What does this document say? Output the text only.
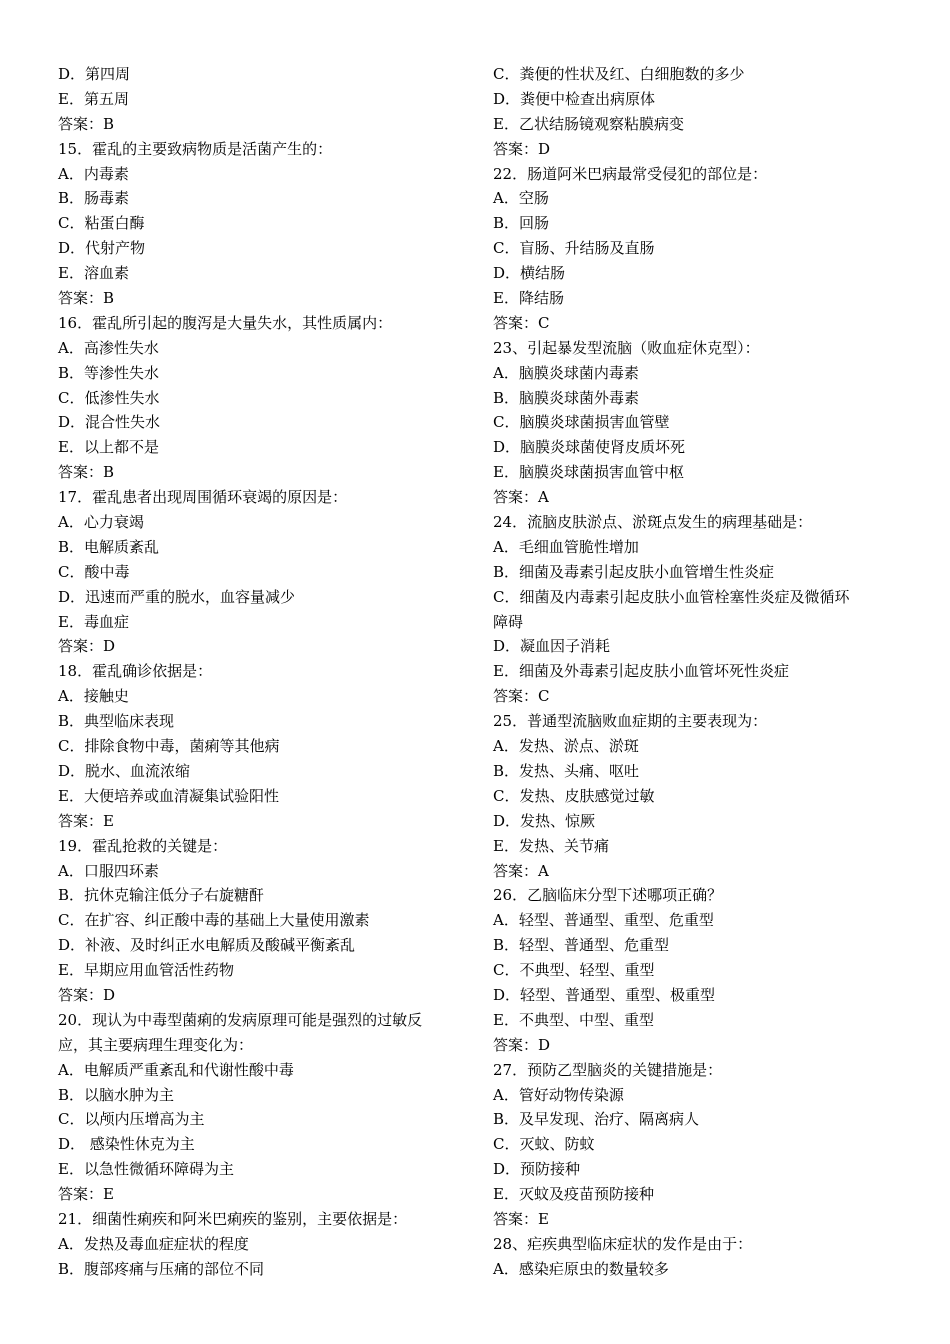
D．第四周
E．第五周
答案：B
15．霍乱的主要致病物质是活菌产生的：
A．内毒素
B．肠毒素
C．粘蛋白酶
D．代射产物
E．溶血素
答案：B
16．霍乱所引起的腹泻是大量失水，其性质属内：
A．高渗性失水
B．等渗性失水
C．低渗性失水
D．混合性失水
E．以上都不是
答案：B
17．霍乱患者出现周围循环衰竭的原因是：
A．心力衰竭
B．电解质紊乱
C．酸中毒
D．迅速而严重的脱水，血容量减少
E．毒血症
答案：D
18．霍乱确诊依据是：
A．接触史
B．典型临床表现
C．排除食物中毒，菌痢等其他病
D．脱水、血流浓缩
E．大便培养或血清凝集试验阳性
答案：E
19．霍乱抢救的关键是：
A．口服四环素
B．抗休克输注低分子右旋糖酐
C．在扩容、纠正酸中毒的基础上大量使用激素
D．补液、及时纠正水电解质及酸碱平衡紊乱
E．早期应用血管活性药物
答案：D
20．现认为中毒型菌痢的发病原理可能是强烈的过敏反
应，其主要病理生理变化为：
A．电解质严重紊乱和代谢性酸中毒
B．以脑水肿为主
C．以颅内压增高为主
D． 感染性休克为主
E．以急性微循环障碍为主
答案：E
21．细菌性痢疾和阿米巴痢疾的鉴别，主要依据是：
A．发热及毒血症症状的程度
B．腹部疼痛与压痛的部位不同
C．粪便的性状及红、白细胞数的多少
D．粪便中检查出病原体
E．乙状结肠镜观察粘膜病变
答案：D
22．肠道阿米巴病最常受侵犯的部位是：
A．空肠
B．回肠
C．盲肠、升结肠及直肠
D．横结肠
E．降结肠
答案：C
23、引起暴发型流脑（败血症休克型）：
A．脑膜炎球菌内毒素
B．脑膜炎球菌外毒素
C．脑膜炎球菌损害血管壁
D．脑膜炎球菌使肾皮质坏死
E．脑膜炎球菌损害血管中枢
答案：A
24．流脑皮肤淤点、淤斑点发生的病理基础是：
A．毛细血管脆性增加
B．细菌及毒素引起皮肤小血管增生性炎症
C．细菌及内毒素引起皮肤小血管栓塞性炎症及微循环
障碍
D．凝血因子消耗
E．细菌及外毒素引起皮肤小血管坏死性炎症
答案：C
25．普通型流脑败血症期的主要表现为：
A．发热、淤点、淤斑
B．发热、头痛、呕吐
C．发热、皮肤感觉过敏
D．发热、惊厥
E．发热、关节痛
答案：A
26．乙脑临床分型下述哪项正确？
A．轻型、普通型、重型、危重型
B．轻型、普通型、危重型
C．不典型、轻型、重型
D．轻型、普通型、重型、极重型
E．不典型、中型、重型
答案：D
27．预防乙型脑炎的关键措施是：
A．管好动物传染源
B．及早发现、治疗、隔离病人
C．灭蚊、防蚊
D．预防接种
E．灭蚊及疫苗预防接种
答案：E
28、疟疾典型临床症状的发作是由于：
A．感染疟原虫的数量较多
